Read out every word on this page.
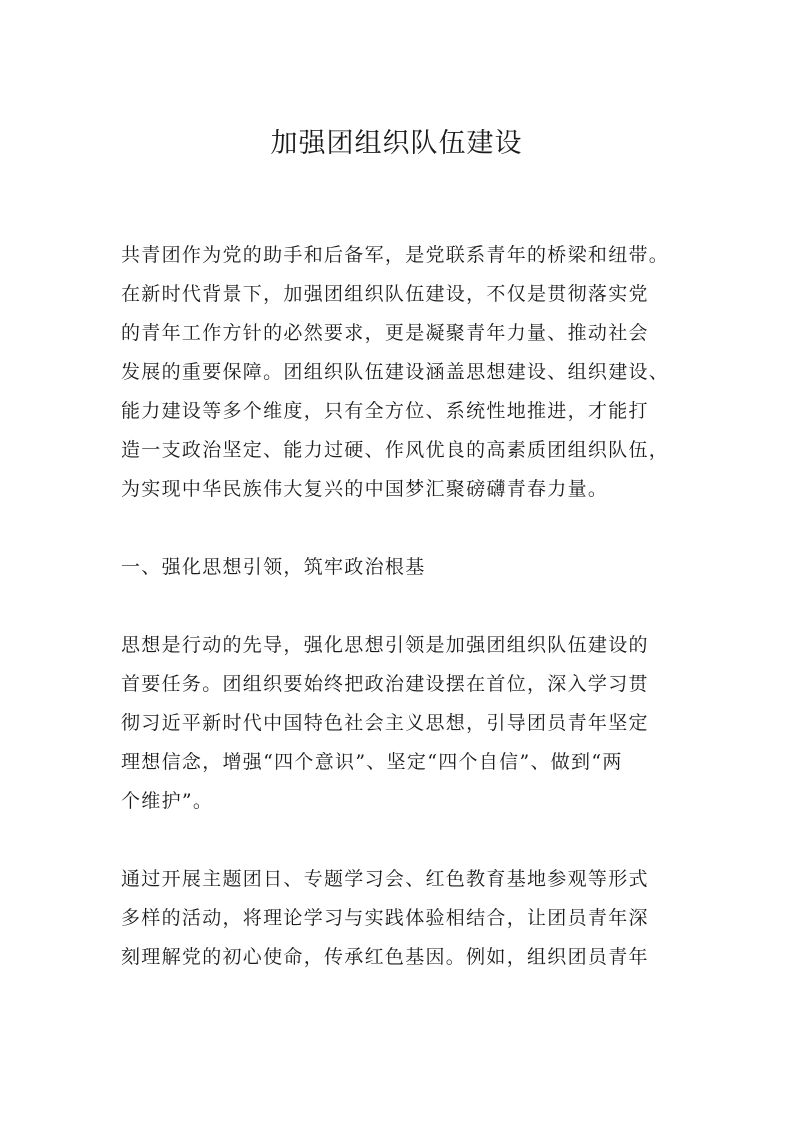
加强团组织队伍建设
共青团作为党的助手和后备军，是党联系青年的桥梁和纽带。
在新时代背景下，加强团组织队伍建设，不仅是贯彻落实党
的青年工作方针的必然要求，更是凝聚青年力量、推动社会
发展的重要保障。团组织队伍建设涵盖思想建设、组织建设、
能力建设等多个维度，只有全方位、系统性地推进，才能打
造一支政治坚定、能力过硬、作风优良的高素质团组织队伍，
为实现中华民族伟大复兴的中国梦汇聚磅礴青春力量。
一、强化思想引领，筑牢政治根基
思想是行动的先导，强化思想引领是加强团组织队伍建设的
首要任务。团组织要始终把政治建设摆在首位，深入学习贯
彻习近平新时代中国特色社会主义思想，引导团员青年坚定
理想信念，增强“四个意识”、坚定“四个自信”、做到“两
个维护”。
通过开展主题团日、专题学习会、红色教育基地参观等形式
多样的活动，将理论学习与实践体验相结合，让团员青年深
刻理解党的初心使命，传承红色基因。例如，组织团员青年
